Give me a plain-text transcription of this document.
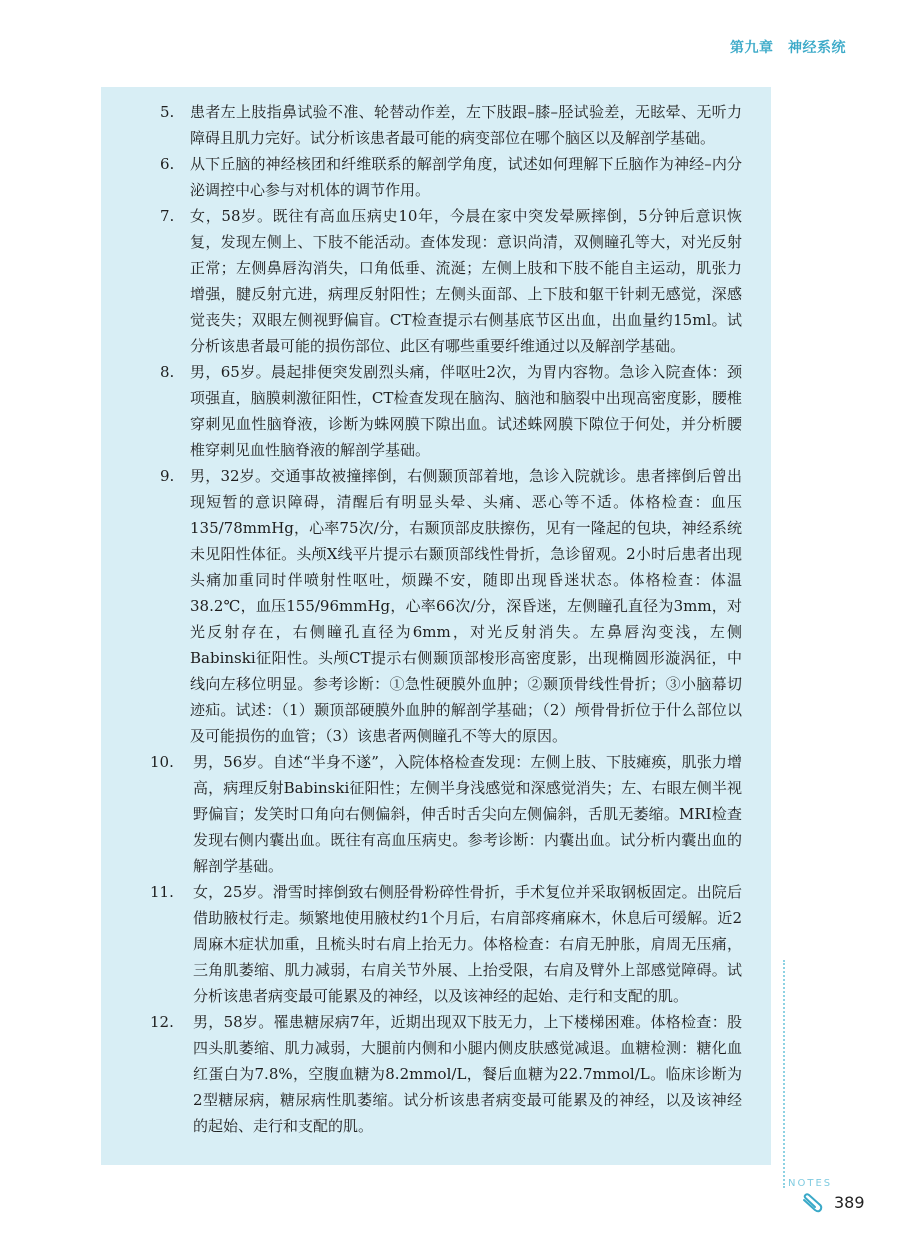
第九章　神经系统
5. 患者左上肢指鼻试验不准、轮替动作差，左下肢跟–膝–胫试验差，无眩晕、无听力障碍且肌力完好。试分析该患者最可能的病变部位在哪个脑区以及解剖学基础。
6. 从下丘脑的神经核团和纤维联系的解剖学角度，试述如何理解下丘脑作为神经–内分泌调控中心参与对机体的调节作用。
7. 女，58岁。既往有高血压病史10年，今晨在家中突发晕厥摔倒，5分钟后意识恢复，发现左侧上、下肢不能活动。查体发现：意识尚清，双侧瞳孔等大，对光反射正常；左侧鼻唇沟消失，口角低垂、流涎；左侧上肢和下肢不能自主运动，肌张力增强，腱反射亢进，病理反射阳性；左侧头面部、上下肢和躯干针刺无感觉，深感觉丧失；双眼左侧视野偏盲。CT检查提示右侧基底节区出血，出血量约15ml。试分析该患者最可能的损伤部位、此区有哪些重要纤维通过以及解剖学基础。
8. 男，65岁。晨起排便突发剧烈头痛，伴呕吐2次，为胃内容物。急诊入院查体：颈项强直，脑膜刺激征阳性，CT检查发现在脑沟、脑池和脑裂中出现高密度影，腰椎穿刺见血性脑脊液，诊断为蛛网膜下隙出血。试述蛛网膜下隙位于何处，并分析腰椎穿刺见血性脑脊液的解剖学基础。
9. 男，32岁。交通事故被撞摔倒，右侧颞顶部着地，急诊入院就诊。患者摔倒后曾出现短暂的意识障碍，清醒后有明显头晕、头痛、恶心等不适。体格检查：血压135/78mmHg，心率75次/分，右颞顶部皮肤擦伤，见有一隆起的包块，神经系统未见阳性体征。头颅X线平片提示右颞顶部线性骨折，急诊留观。2小时后患者出现头痛加重同时伴喷射性呕吐，烦躁不安，随即出现昏迷状态。体格检查：体温38.2℃，血压155/96mmHg，心率66次/分，深昏迷，左侧瞳孔直径为3mm，对光反射存在，右侧瞳孔直径为6mm，对光反射消失。左鼻唇沟变浅，左侧Babinski征阳性。头颅CT提示右侧颞顶部梭形高密度影，出现椭圆形漩涡征，中线向左移位明显。参考诊断：①急性硬膜外血肿；②颞顶骨线性骨折；③小脑幕切迹疝。试述：（1）颞顶部硬膜外血肿的解剖学基础；（2）颅骨骨折位于什么部位以及可能损伤的血管；（3）该患者两侧瞳孔不等大的原因。
10. 男，56岁。自述“半身不遂”，入院体格检查发现：左侧上肢、下肢瘫痪，肌张力增高，病理反射Babinski征阳性；左侧半身浅感觉和深感觉消失；左、右眼左侧半视野偏盲；发笑时口角向右侧偏斜，伸舌时舌尖向左侧偏斜，舌肌无萎缩。MRI检查发现右侧内囊出血。既往有高血压病史。参考诊断：内囊出血。试分析内囊出血的解剖学基础。
11. 女，25岁。滑雪时摔倒致右侧胫骨粉碎性骨折，手术复位并采取钢板固定。出院后借助腋杖行走。频繁地使用腋杖约1个月后，右肩部疼痛麻木，休息后可缓解。近2周麻木症状加重，且梳头时右肩上抬无力。体格检查：右肩无肿胀，肩周无压痛，三角肌萎缩、肌力减弱，右肩关节外展、上抬受限，右肩及臂外上部感觉障碍。试分析该患者病变最可能累及的神经，以及该神经的起始、走行和支配的肌。
12. 男，58岁。罹患糖尿病7年，近期出现双下肢无力，上下楼梯困难。体格检查：股四头肌萎缩、肌力减弱，大腿前内侧和小腿内侧皮肤感觉减退。血糖检测：糖化血红蛋白为7.8%，空腹血糖为8.2mmol/L，餐后血糖为22.7mmol/L。临床诊断为2型糖尿病，糖尿病性肌萎缩。试分析该患者病变最可能累及的神经，以及该神经的起始、走行和支配的肌。
NOTES
389
